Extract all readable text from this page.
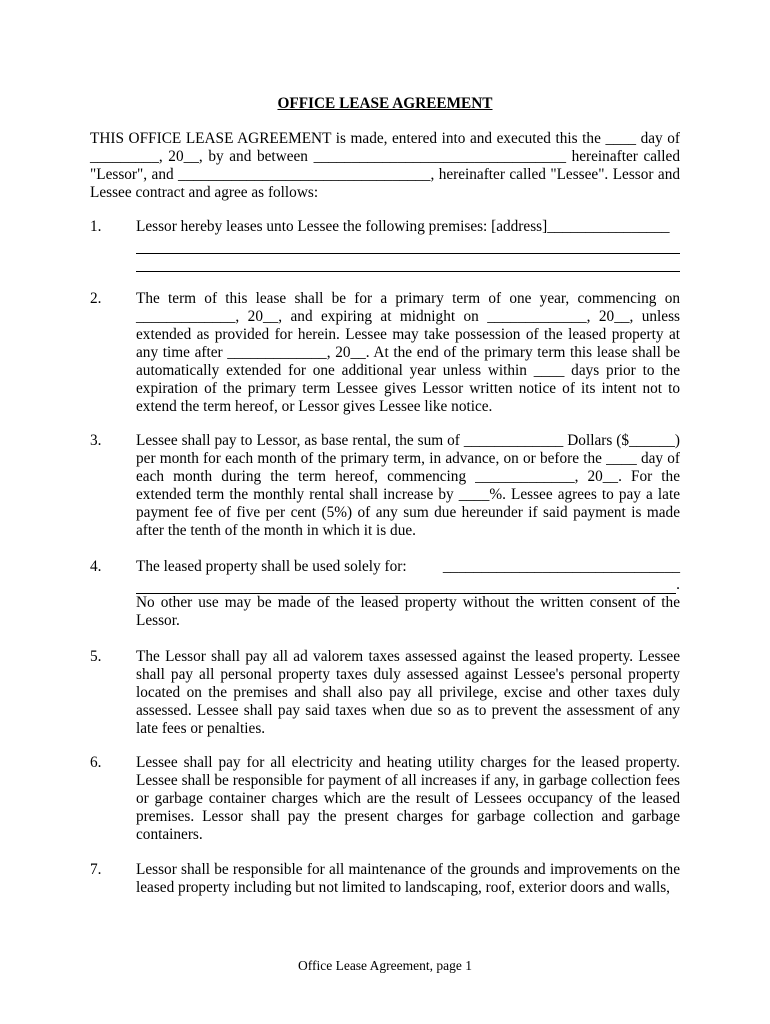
OFFICE LEASE AGREEMENT
THIS OFFICE LEASE AGREEMENT is made, entered into and executed this the ____ day of _________, 20__, by and between _________________________________ hereinafter called "Lessor", and _________________________________, hereinafter called "Lessee". Lessor and Lessee contract and agree as follows:
1. Lessor hereby leases unto Lessee the following premises: [address]________________
2. The term of this lease shall be for a primary term of one year, commencing on _____________, 20__, and expiring at midnight on _____________, 20__, unless extended as provided for herein. Lessee may take possession of the leased property at any time after _____________, 20__. At the end of the primary term this lease shall be automatically extended for one additional year unless within ____ days prior to the expiration of the primary term Lessee gives Lessor written notice of its intent not to extend the term hereof, or Lessor gives Lessee like notice.
3. Lessee shall pay to Lessor, as base rental, the sum of _____________ Dollars ($______) per month for each month of the primary term, in advance, on or before the ____ day of each month during the term hereof, commencing _____________, 20__. For the extended term the monthly rental shall increase by ____%. Lessee agrees to pay a late payment fee of five per cent (5%) of any sum due hereunder if said payment is made after the tenth of the month in which it is due.
4. The leased property shall be used solely for: _______________________________
.
No other use may be made of the leased property without the written consent of the Lessor.
5. The Lessor shall pay all ad valorem taxes assessed against the leased property. Lessee shall pay all personal property taxes duly assessed against Lessee's personal property located on the premises and shall also pay all privilege, excise and other taxes duly assessed. Lessee shall pay said taxes when due so as to prevent the assessment of any late fees or penalties.
6. Lessee shall pay for all electricity and heating utility charges for the leased property. Lessee shall be responsible for payment of all increases if any, in garbage collection fees or garbage container charges which are the result of Lessees occupancy of the leased premises. Lessor shall pay the present charges for garbage collection and garbage containers.
7. Lessor shall be responsible for all maintenance of the grounds and improvements on the leased property including but not limited to landscaping, roof, exterior doors and walls,
Office Lease Agreement, page 1
